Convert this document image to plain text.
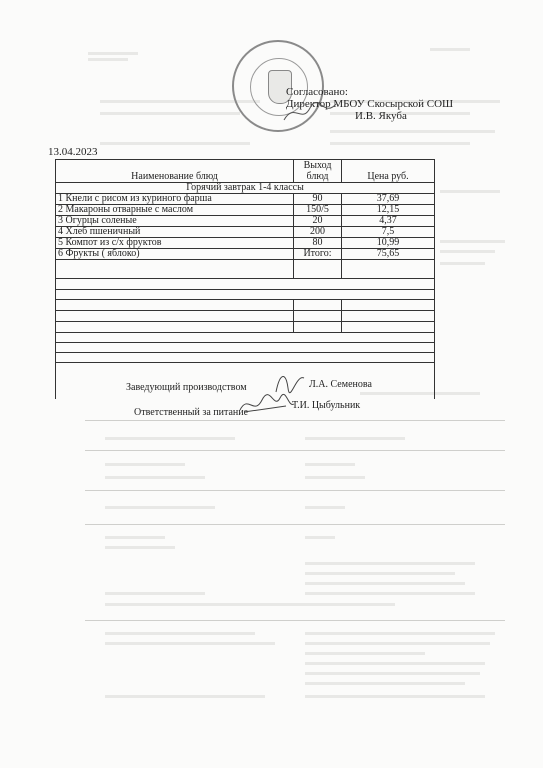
Согласовано:
Директор МБОУ Скосырской СОШ
И.В. Якуба
13.04.2023
Наименование блюд	Выход блюд	Цена руб.
Горячий завтрак 1-4 классы		
1 Кнели с рисом из куриного фарша	90	37,69
2 Макароны отварные с маслом	150/5	12,15
3 Огурцы соленые	20	4,37
4 Хлеб пшеничный	200	7,5
5 Компот из с/х фруктов	80	10,99
6 Фрукты ( яблоко)	Итого:	75,65

Заведующий производством	Л.А. Семенова
Ответственный за питание
Т.И. Цыбульник
